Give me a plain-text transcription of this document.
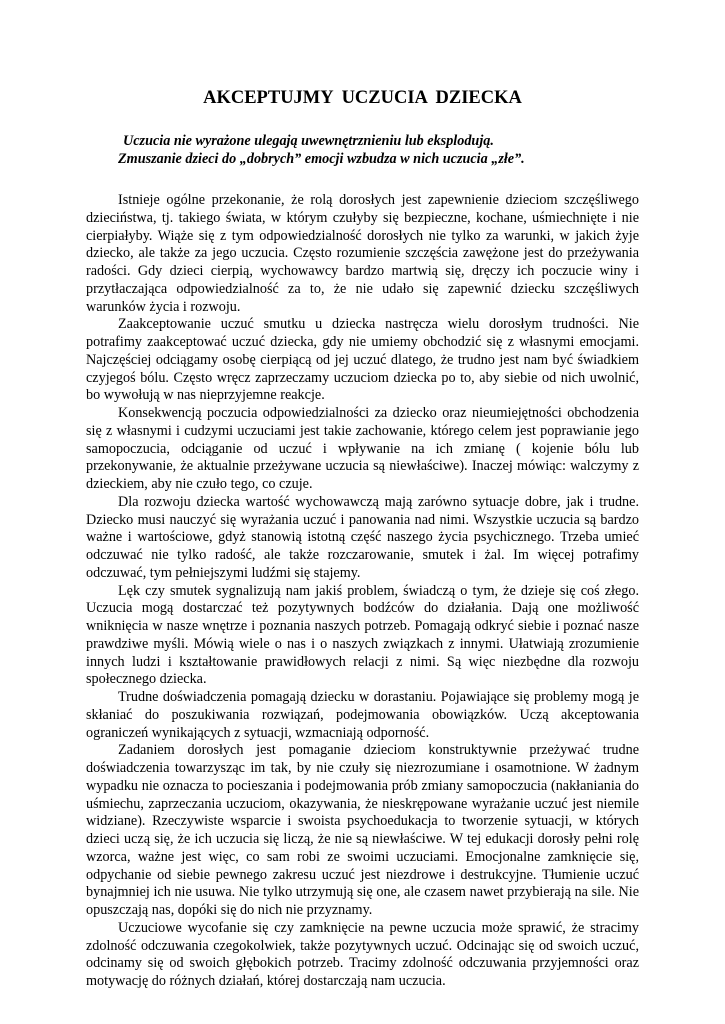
AKCEPTUJMY UCZUCIA DZIECKA
Uczucia nie wyrażone ulegają uwewnętrznieniu lub eksplodują.
Zmuszanie dzieci do „dobrych” emocji wzbudza w nich uczucia „złe”.

Istnieje ogólne przekonanie, że rolą dorosłych jest zapewnienie dzieciom szczęśliwego dzieciństwa, tj. takiego świata, w którym czułyby się bezpieczne, kochane, uśmiechnięte i nie cierpiałyby. Wiąże się z tym odpowiedzialność dorosłych nie tylko za warunki, w jakich żyje dziecko, ale także za jego uczucia. Często rozumienie szczęścia zawężone jest do przeżywania radości. Gdy dzieci cierpią, wychowawcy bardzo martwią się, dręczy ich poczucie winy i przytłaczająca odpowiedzialność za to, że nie udało się zapewnić dziecku szczęśliwych warunków życia i rozwoju.

Zaakceptowanie uczuć smutku u dziecka nastręcza wielu dorosłym trudności. Nie potrafimy zaakceptować uczuć dziecka, gdy nie umiemy obchodzić się z własnymi emocjami. Najczęściej odciągamy osobę cierpiącą od jej uczuć dlatego, że trudno jest nam być świadkiem czyjegoś bólu. Często wręcz zaprzeczamy uczuciom dziecka po to, aby siebie od nich uwolnić, bo wywołują w nas nieprzyjemne reakcje.

Konsekwencją poczucia odpowiedzialności za dziecko oraz nieumiejętności obchodzenia się z własnymi i cudzymi uczuciami jest takie zachowanie, którego celem jest poprawianie jego samopoczucia, odciąganie od uczuć i wpływanie na ich zmianę ( kojenie bólu lub przekonywanie, że aktualnie przeżywane uczucia są niewłaściwe). Inaczej mówiąc: walczymy z dzieckiem, aby nie czuło tego, co czuje.

Dla rozwoju dziecka wartość wychowawczą mają zarówno sytuacje dobre, jak i trudne. Dziecko musi nauczyć się wyrażania uczuć i panowania nad nimi. Wszystkie uczucia są bardzo ważne i wartościowe, gdyż stanowią istotną część naszego życia psychicznego. Trzeba umieć odczuwać nie tylko radość, ale także rozczarowanie, smutek i żal. Im więcej potrafimy odczuwać, tym pełniejszymi ludźmi się stajemy.

Lęk czy smutek sygnalizują nam jakiś problem, świadczą o tym, że dzieje się coś złego. Uczucia mogą dostarczać też pozytywnych bodźców do działania. Dają one możliwość wniknięcia w nasze wnętrze i poznania naszych potrzeb. Pomagają odkryć siebie i poznać nasze prawdziwe myśli. Mówią wiele o nas i o naszych związkach z innymi. Ułatwiają zrozumienie innych ludzi i kształtowanie prawidłowych relacji z nimi. Są więc niezbędne dla rozwoju społecznego dziecka.

Trudne doświadczenia pomagają dziecku w dorastaniu. Pojawiające się problemy mogą je skłaniać do poszukiwania rozwiązań, podejmowania obowiązków. Uczą akceptowania ograniczeń wynikających z sytuacji, wzmacniają odporność.

Zadaniem dorosłych jest pomaganie dzieciom konstruktywnie przeżywać trudne doświadczenia towarzysząc im tak, by nie czuły się niezrozumiane i osamotnione. W żadnym wypadku nie oznacza to pocieszania i podejmowania prób zmiany samopoczucia (nakłaniania do uśmiechu, zaprzeczania uczuciom, okazywania, że nieskrępowane wyrażanie uczuć jest niemile widziane). Rzeczywiste wsparcie i swoista psychoedukacja to tworzenie sytuacji, w których dzieci uczą się, że ich uczucia się liczą, że nie są niewłaściwe. W tej edukacji dorosły pełni rolę wzorca, ważne jest więc, co sam robi ze swoimi uczuciami. Emocjonalne zamknięcie się, odpychanie od siebie pewnego zakresu uczuć jest niezdrowe i destrukcyjne. Tłumienie uczuć bynajmniej ich nie usuwa. Nie tylko utrzymują się one, ale czasem nawet przybierają na sile. Nie opuszczają nas, dopóki się do nich nie przyznamy.

Uczuciowe wycofanie się czy zamknięcie na pewne uczucia może sprawić, że stracimy zdolność odczuwania czegokolwiek, także pozytywnych uczuć. Odcinając się od swoich uczuć, odcinamy się od swoich głębokich potrzeb. Tracimy zdolność odczuwania przyjemności oraz motywację do różnych działań, której dostarczają nam uczucia.
